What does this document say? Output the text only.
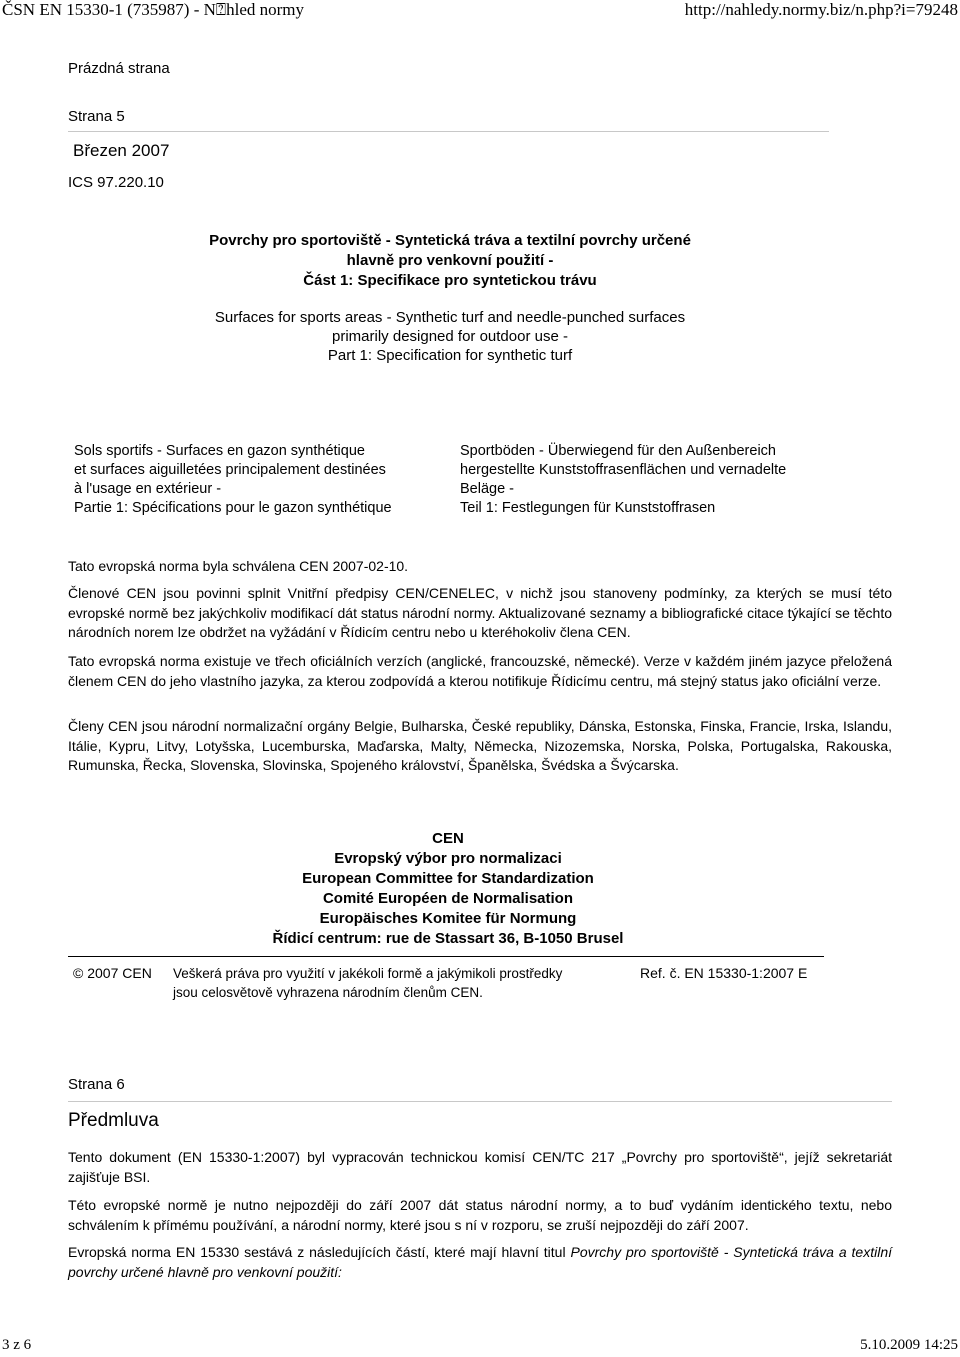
ČSN EN 15330-1 (735987) - N⍰hled normy	http://nahledy.normy.biz/n.php?i=79248
Prázdná strana
Strana 5
Březen 2007
ICS 97.220.10
Povrchy pro sportoviště - Syntetická tráva a textilní povrchy určené
hlavně pro venkovní použití -
Část 1: Specifikace pro syntetickou trávu
Surfaces for sports areas - Synthetic turf and needle-punched surfaces
primarily designed for outdoor use -
Part 1: Specification for synthetic turf
Sols sportifs - Surfaces en gazon synthétique
et surfaces aiguilletées principalement destinées
à l'usage en extérieur -
Partie 1: Spécifications pour le gazon synthétique
Sportböden - Überwiegend für den Außenbereich
hergestellte Kunststoffrasenflächen und vernadelte
Beläge -
Teil 1: Festlegungen für Kunststoffrasen
Tato evropská norma byla schválena CEN 2007-02-10.
Členové CEN jsou povinni splnit Vnitřní předpisy CEN/CENELEC, v nichž jsou stanoveny podmínky, za kterých se musí této evropské normě bez jakýchkoliv modifikací dát status národní normy. Aktualizované seznamy a bibliografické citace týkající se těchto národních norem lze obdržet na vyžádání v Řídicím centru nebo u kteréhokoliv člena CEN.
Tato evropská norma existuje ve třech oficiálních verzích (anglické, francouzské, německé). Verze v každém jiném jazyce přeložená členem CEN do jeho vlastního jazyka, za kterou zodpovídá a kterou notifikuje Řídicímu centru, má stejný status jako oficiální verze.
Členy CEN jsou národní normalizační orgány Belgie, Bulharska, České republiky, Dánska, Estonska, Finska, Francie, Irska, Islandu, Itálie, Kypru, Litvy, Lotyšska, Lucemburska, Maďarska, Malty, Německa, Nizozemska, Norska, Polska, Portugalska, Rakouska, Rumunska, Řecka, Slovenska, Slovinska, Spojeného království, Španělska, Švédska a Švýcarska.
CEN
Evropský výbor pro normalizaci
European Committee for Standardization
Comité Européen de Normalisation
Europäisches Komitee für Normung
Řídicí centrum: rue de Stassart 36, B-1050 Brusel
© 2007 CEN Veškerá práva pro využití v jakékoli formě a jakýmikoli prostředky
jsou celosvětově vyhrazena národním členům CEN.
Ref. č. EN 15330-1:2007 E
Strana 6
Předmluva
Tento dokument (EN 15330-1:2007) byl vypracován technickou komisí CEN/TC 217 „Povrchy pro sportoviště“, jejíž sekretariát zajišťuje BSI.
Této evropské normě je nutno nejpozději do září 2007 dát status národní normy, a to buď vydáním identického textu, nebo schválením k přímému používání, a národní normy, které jsou s ní v rozporu, se zruší nejpozději do září 2007.
Evropská norma EN 15330 sestává z následujících částí, které mají hlavní titul Povrchy pro sportoviště - Syntetická tráva a textilní povrchy určené hlavně pro venkovní použití:
3 z 6	5.10.2009 14:25
